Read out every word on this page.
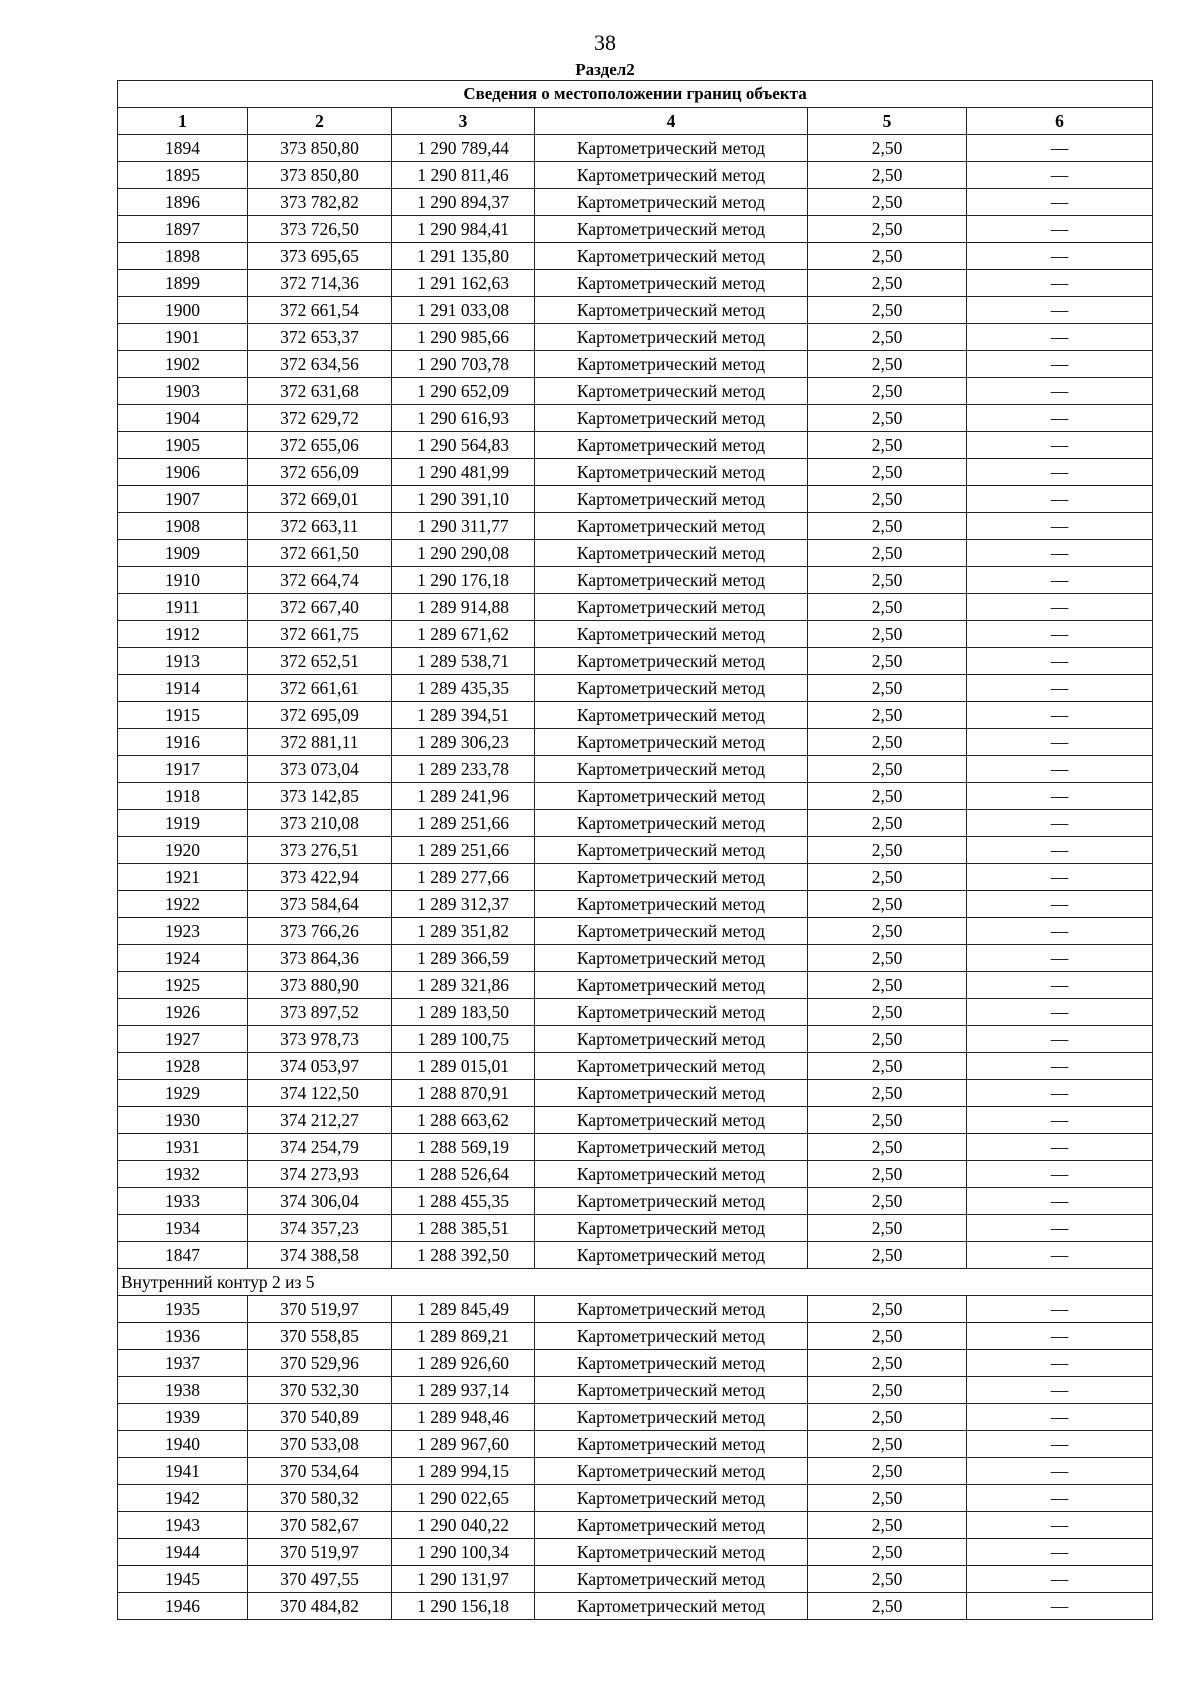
38
Раздел2
Сведения о местоположении границ объекта					
1	2	3	4	5	6
1894	373 850,80	1 290 789,44	Картометрический метод	2,50	—
1895	373 850,80	1 290 811,46	Картометрический метод	2,50	—
1896	373 782,82	1 290 894,37	Картометрический метод	2,50	—
1897	373 726,50	1 290 984,41	Картометрический метод	2,50	—
1898	373 695,65	1 291 135,80	Картометрический метод	2,50	—
1899	372 714,36	1 291 162,63	Картометрический метод	2,50	—
1900	372 661,54	1 291 033,08	Картометрический метод	2,50	—
1901	372 653,37	1 290 985,66	Картометрический метод	2,50	—
1902	372 634,56	1 290 703,78	Картометрический метод	2,50	—
1903	372 631,68	1 290 652,09	Картометрический метод	2,50	—
1904	372 629,72	1 290 616,93	Картометрический метод	2,50	—
1905	372 655,06	1 290 564,83	Картометрический метод	2,50	—
1906	372 656,09	1 290 481,99	Картометрический метод	2,50	—
1907	372 669,01	1 290 391,10	Картометрический метод	2,50	—
1908	372 663,11	1 290 311,77	Картометрический метод	2,50	—
1909	372 661,50	1 290 290,08	Картометрический метод	2,50	—
1910	372 664,74	1 290 176,18	Картометрический метод	2,50	—
1911	372 667,40	1 289 914,88	Картометрический метод	2,50	—
1912	372 661,75	1 289 671,62	Картометрический метод	2,50	—
1913	372 652,51	1 289 538,71	Картометрический метод	2,50	—
1914	372 661,61	1 289 435,35	Картометрический метод	2,50	—
1915	372 695,09	1 289 394,51	Картометрический метод	2,50	—
1916	372 881,11	1 289 306,23	Картометрический метод	2,50	—
1917	373 073,04	1 289 233,78	Картометрический метод	2,50	—
1918	373 142,85	1 289 241,96	Картометрический метод	2,50	—
1919	373 210,08	1 289 251,66	Картометрический метод	2,50	—
1920	373 276,51	1 289 251,66	Картометрический метод	2,50	—
1921	373 422,94	1 289 277,66	Картометрический метод	2,50	—
1922	373 584,64	1 289 312,37	Картометрический метод	2,50	—
1923	373 766,26	1 289 351,82	Картометрический метод	2,50	—
1924	373 864,36	1 289 366,59	Картометрический метод	2,50	—
1925	373 880,90	1 289 321,86	Картометрический метод	2,50	—
1926	373 897,52	1 289 183,50	Картометрический метод	2,50	—
1927	373 978,73	1 289 100,75	Картометрический метод	2,50	—
1928	374 053,97	1 289 015,01	Картометрический метод	2,50	—
1929	374 122,50	1 288 870,91	Картометрический метод	2,50	—
1930	374 212,27	1 288 663,62	Картометрический метод	2,50	—
1931	374 254,79	1 288 569,19	Картометрический метод	2,50	—
1932	374 273,93	1 288 526,64	Картометрический метод	2,50	—
1933	374 306,04	1 288 455,35	Картометрический метод	2,50	—
1934	374 357,23	1 288 385,51	Картометрический метод	2,50	—
1847	374 388,58	1 288 392,50	Картометрический метод	2,50	—
Внутренний контур 2 из 5					
1935	370 519,97	1 289 845,49	Картометрический метод	2,50	—
1936	370 558,85	1 289 869,21	Картометрический метод	2,50	—
1937	370 529,96	1 289 926,60	Картометрический метод	2,50	—
1938	370 532,30	1 289 937,14	Картометрический метод	2,50	—
1939	370 540,89	1 289 948,46	Картометрический метод	2,50	—
1940	370 533,08	1 289 967,60	Картометрический метод	2,50	—
1941	370 534,64	1 289 994,15	Картометрический метод	2,50	—
1942	370 580,32	1 290 022,65	Картометрический метод	2,50	—
1943	370 582,67	1 290 040,22	Картометрический метод	2,50	—
1944	370 519,97	1 290 100,34	Картометрический метод	2,50	—
1945	370 497,55	1 290 131,97	Картометрический метод	2,50	—
1946	370 484,82	1 290 156,18	Картометрический метод	2,50	—
